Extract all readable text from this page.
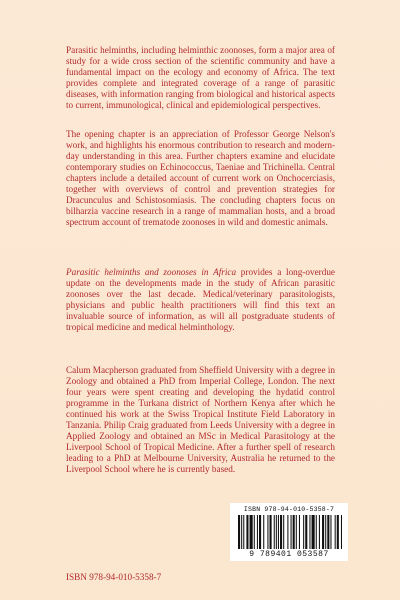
Parasitic helminths, including helminthic zoonoses, form a major area of study for a wide cross section of the scientific community and have a fundamental impact on the ecology and economy of Africa. The text provides complete and integrated coverage of a range of parasitic diseases, with information ranging from biological and historical aspects to current, immunological, clinical and epidemiological perspectives.

The opening chapter is an appreciation of Professor George Nelson's work, and highlights his enormous contribution to research and modern-day understanding in this area. Further chapters examine and elucidate contemporary studies on Echinococcus, Taeniae and Trichinella. Central chapters include a detailed account of current work on Onchocerciasis, together with overviews of control and prevention strategies for Dracunculus and Schistosomiasis. The concluding chapters focus on bilharzia vaccine research in a range of mammalian hosts, and a broad spectrum account of trematode zoonoses in wild and domestic animals.

Parasitic helminths and zoonoses in Africa provides a long-overdue update on the developments made in the study of African parasitic zoonoses over the last decade. Medical/veterinary parasitologists, physicians and public health practitioners will find this text an invaluable source of information, as will all postgraduate students of tropical medicine and medical helminthology.

Calum Macpherson graduated from Sheffield University with a degree in Zoology and obtained a PhD from Imperial College, London. The next four years were spent creating and developing the hydatid control programme in the Turkana district of Northern Kenya after which he continued his work at the Swiss Tropical Institute Field Laboratory in Tanzania. Philip Craig graduated from Leeds University with a degree in Applied Zoology and obtained an MSc in Medical Parasitology at the Liverpool School of Tropical Medicine. After a further spell of research leading to a PhD at Melbourne University, Australia he returned to the Liverpool School where he is currently based.

ISBN 978-94-010-5358-7
9 789401 053587
ISBN 978-94-010-5358-7
